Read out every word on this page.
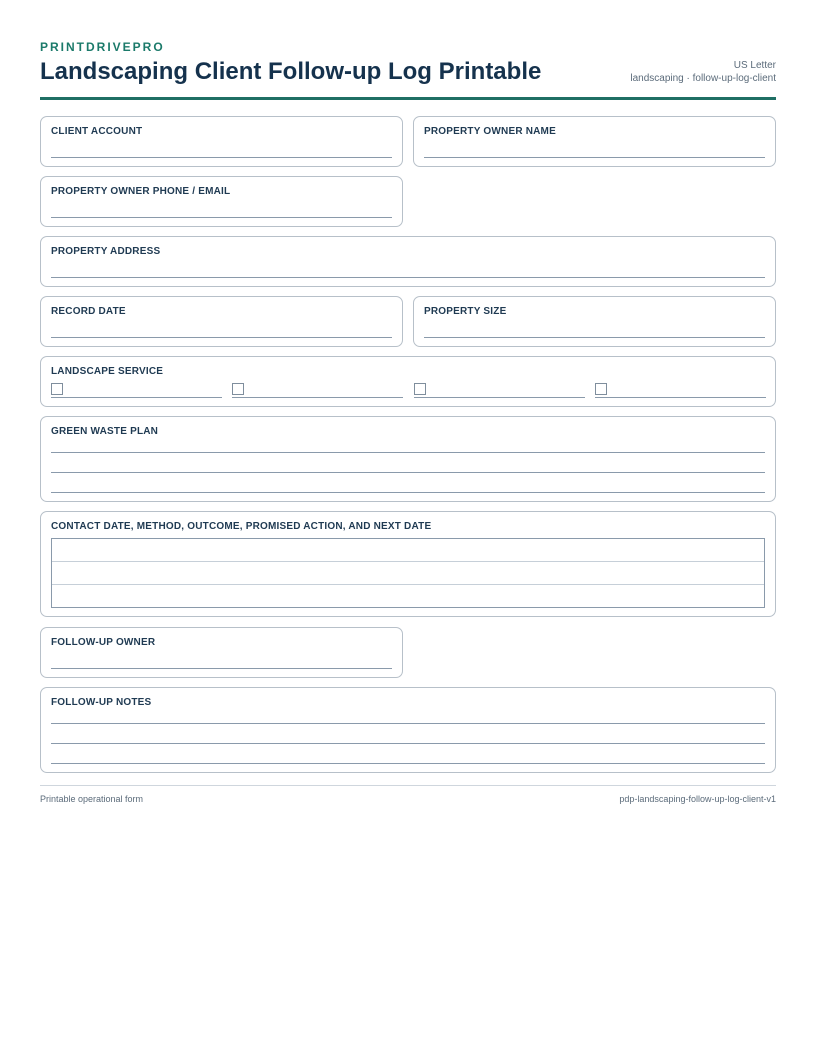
PRINTDRIVEPRO
Landscaping Client Follow-up Log Printable	US Letter
landscaping · follow-up-log-client
CLIENT ACCOUNT	PROPERTY OWNER NAME
PROPERTY OWNER PHONE / EMAIL
PROPERTY ADDRESS
RECORD DATE	PROPERTY SIZE
LANDSCAPE SERVICE
GREEN WASTE PLAN
CONTACT DATE, METHOD, OUTCOME, PROMISED ACTION, AND NEXT DATE
FOLLOW-UP OWNER
FOLLOW-UP NOTES
Printable operational form	pdp-landscaping-follow-up-log-client-v1
